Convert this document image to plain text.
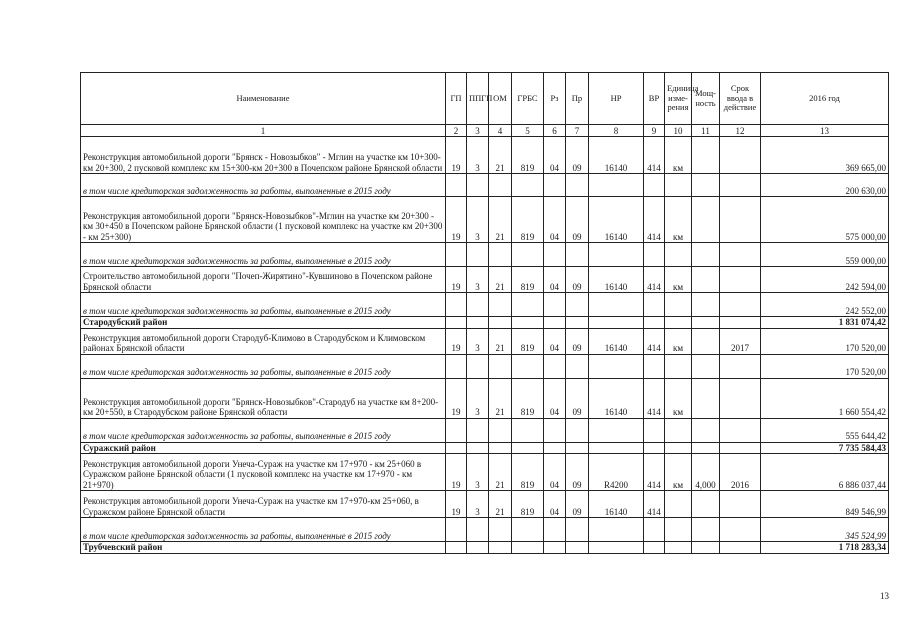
Наименование	ГП	ППГП	ОМ	ГРБС	Рз	Пр	НР	ВР	Единица изме-рения	Мощ-ность	Срок ввода в действие	2016 год
1	2	3	4	5	6	7	8	9	10	11	12	13
Реконструкция автомобильной дороги "Брянск - Новозыбков" - Мглин на участке км 10+300-км 20+300, 2 пусковой комплекс км 15+300-км 20+300 в Почепском районе Брянской области	19	3	21	819	04	09	16140	414	км			369 665,00
в том числе кредиторская задолженность за работы, выполненные в 2015 году												200 630,00
Реконструкция автомобильной дороги "Брянск-Новозыбков"-Мглин на участке км 20+300 - км 30+450 в Почепском районе Брянской области (1 пусковой комплекс на участке км 20+300 - км 25+300)	19	3	21	819	04	09	16140	414	км			575 000,00
в том числе кредиторская задолженность за работы, выполненные в 2015 году												559 000,00
Строительство автомобильной дороги "Почеп-Жирятино"-Кувшиново в Почепском районе Брянской области	19	3	21	819	04	09	16140	414	км			242 594,00
в том числе кредиторская задолженность за работы, выполненные в 2015 году												242 552,00
Стародубский район												1 831 074,42
Реконструкция автомобильной дороги Стародуб-Климово в Стародубском и Климовском районах Брянской области	19	3	21	819	04	09	16140	414	км		2017	170 520,00
в том числе кредиторская задолженность за работы, выполненные в 2015 году												170 520,00
Реконструкция автомобильной дороги "Брянск-Новозыбков"-Стародуб на участке км 8+200-км 20+550, в Стародубском районе Брянской области	19	3	21	819	04	09	16140	414	км			1 660 554,42
в том числе кредиторская задолженность за работы, выполненные в 2015 году												555 644,42
Суражский район												7 735 584,43
Реконструкция автомобильной дороги Унеча-Сураж на участке км 17+970 - км 25+060 в Суражском районе Брянской области (1 пусковой комплекс на участке км 17+970 - км 21+970)	19	3	21	819	04	09	R4200	414	км	4,000	2016	6 886 037,44
Реконструкция автомобильной дороги Унеча-Сураж на участке км 17+970-км 25+060, в Суражском районе Брянской области	19	3	21	819	04	09	16140	414				849 546,99
в том числе кредиторская задолженность за работы, выполненные в 2015 году												345 524,99
Трубчевский район												1 718 283,34
13
